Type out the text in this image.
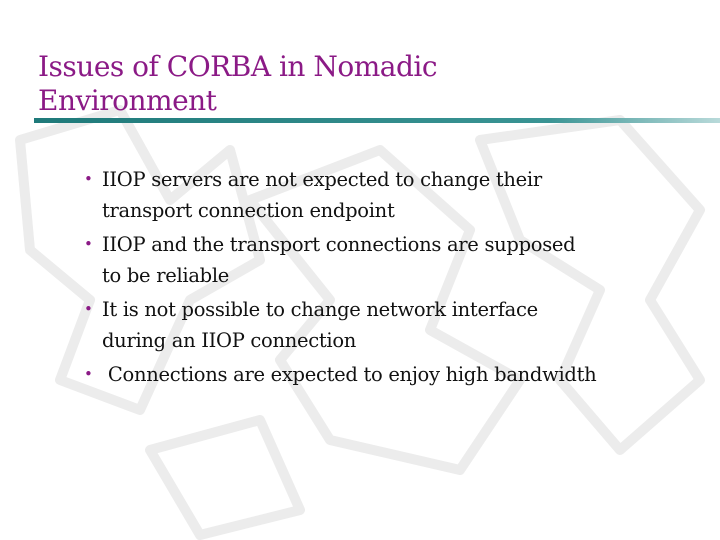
Issues of CORBA in Nomadic
Environment
• IIOP servers are not expected to change their
transport connection endpoint
• IIOP and the transport connections are supposed
to be reliable
• It is not possible to change network interface
during an IIOP connection
• Connections are expected to enjoy high bandwidth
